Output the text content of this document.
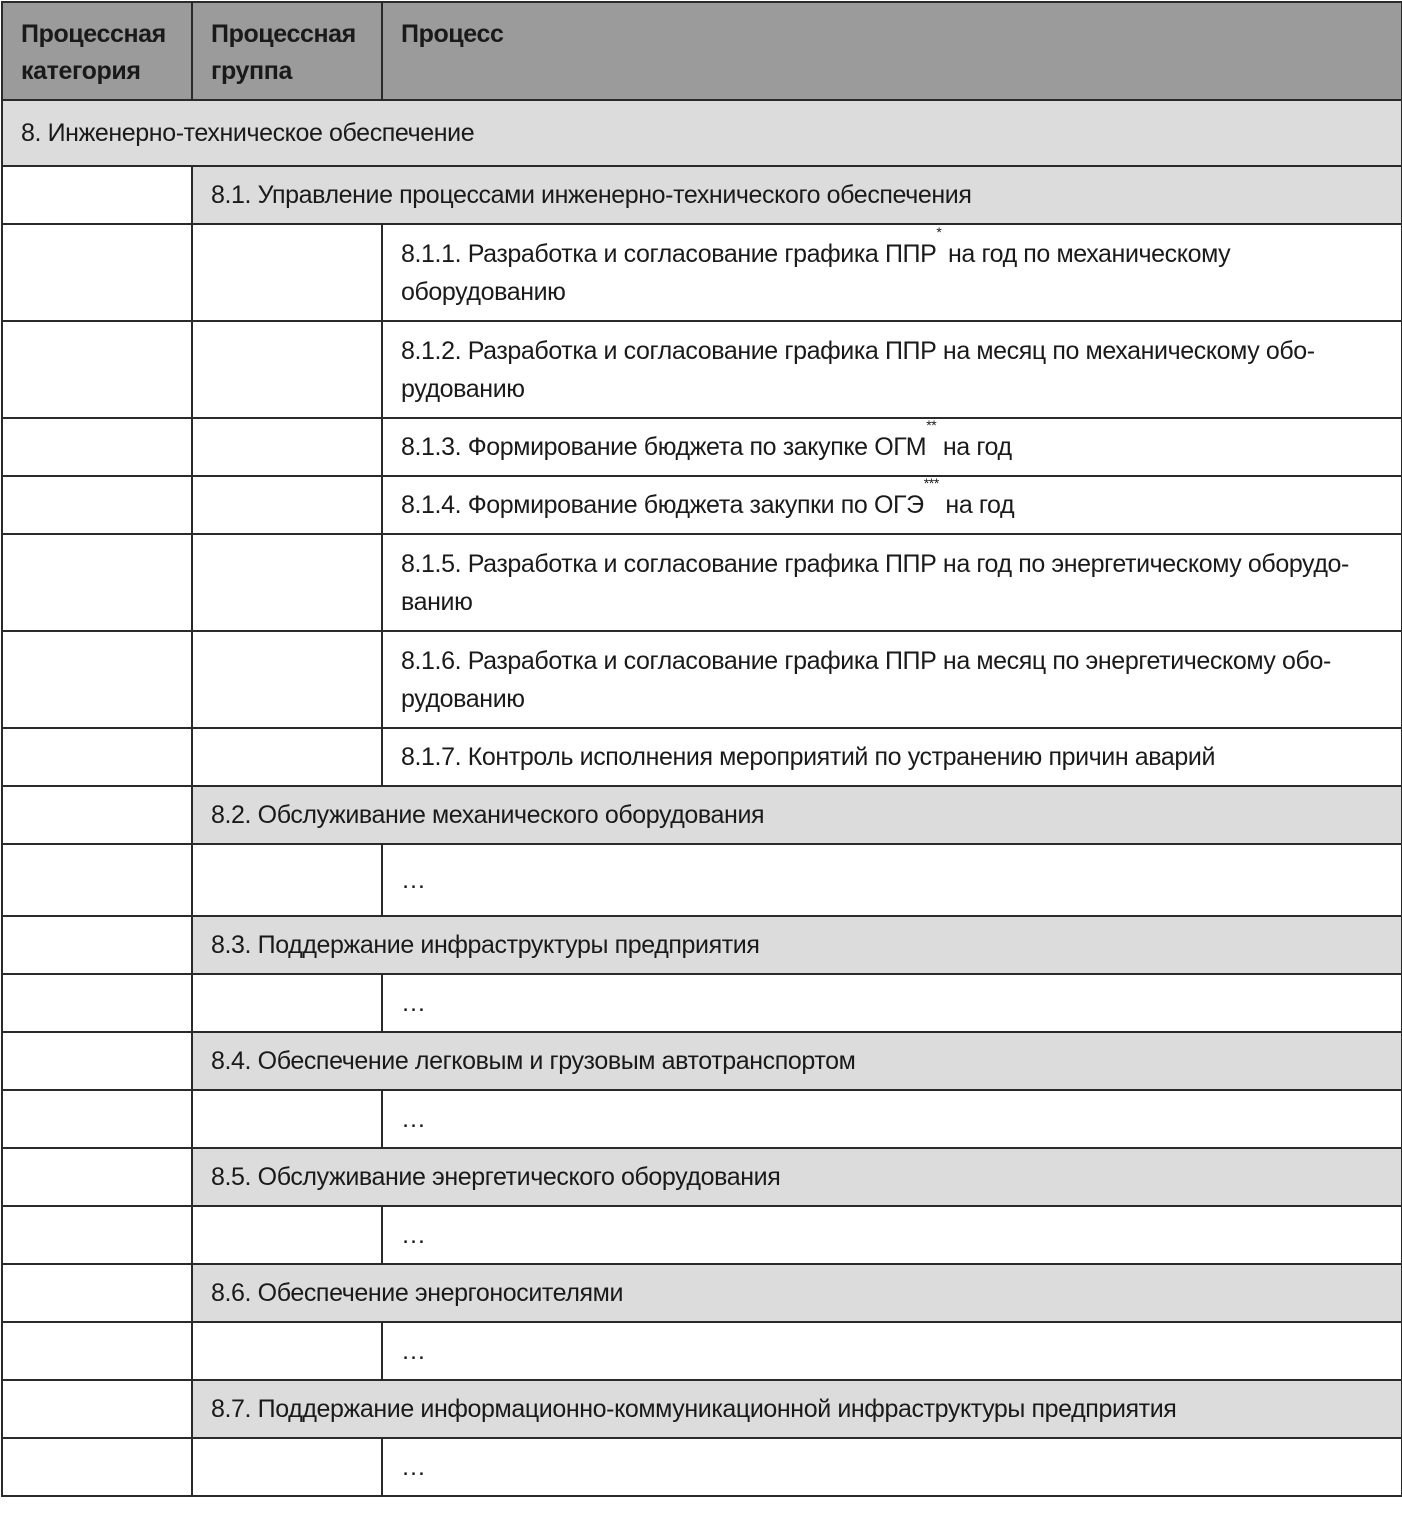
Процессная категория	Процессная группа	Процесс
8. Инженерно-техническое обеспечение		
	8.1. Управление процессами инженерно-технического обеспечения	
		8.1.1. Разработка и согласование графика ППР* на год по механическому оборудованию
		8.1.2. Разработка и согласование графика ППР на месяц по механическому обо-рудованию
		8.1.3. Формирование бюджета по закупке ОГМ** на год
		8.1.4. Формирование бюджета закупки по ОГЭ*** на год
		8.1.5. Разработка и согласование графика ППР на год по энергетическому оборудо-ванию
		8.1.6. Разработка и согласование графика ППР на месяц по энергетическому обо-рудованию
		8.1.7. Контроль исполнения мероприятий по устранению причин аварий
	8.2. Обслуживание механического оборудования	
		…
	8.3. Поддержание инфраструктуры предприятия	
		…
	8.4. Обеспечение легковым и грузовым автотранспортом	
		…
	8.5. Обслуживание энергетического оборудования	
		…
	8.6. Обеспечение энергоносителями	
		…
	8.7. Поддержание информационно-коммуникационной инфраструктуры предприятия	
		…
